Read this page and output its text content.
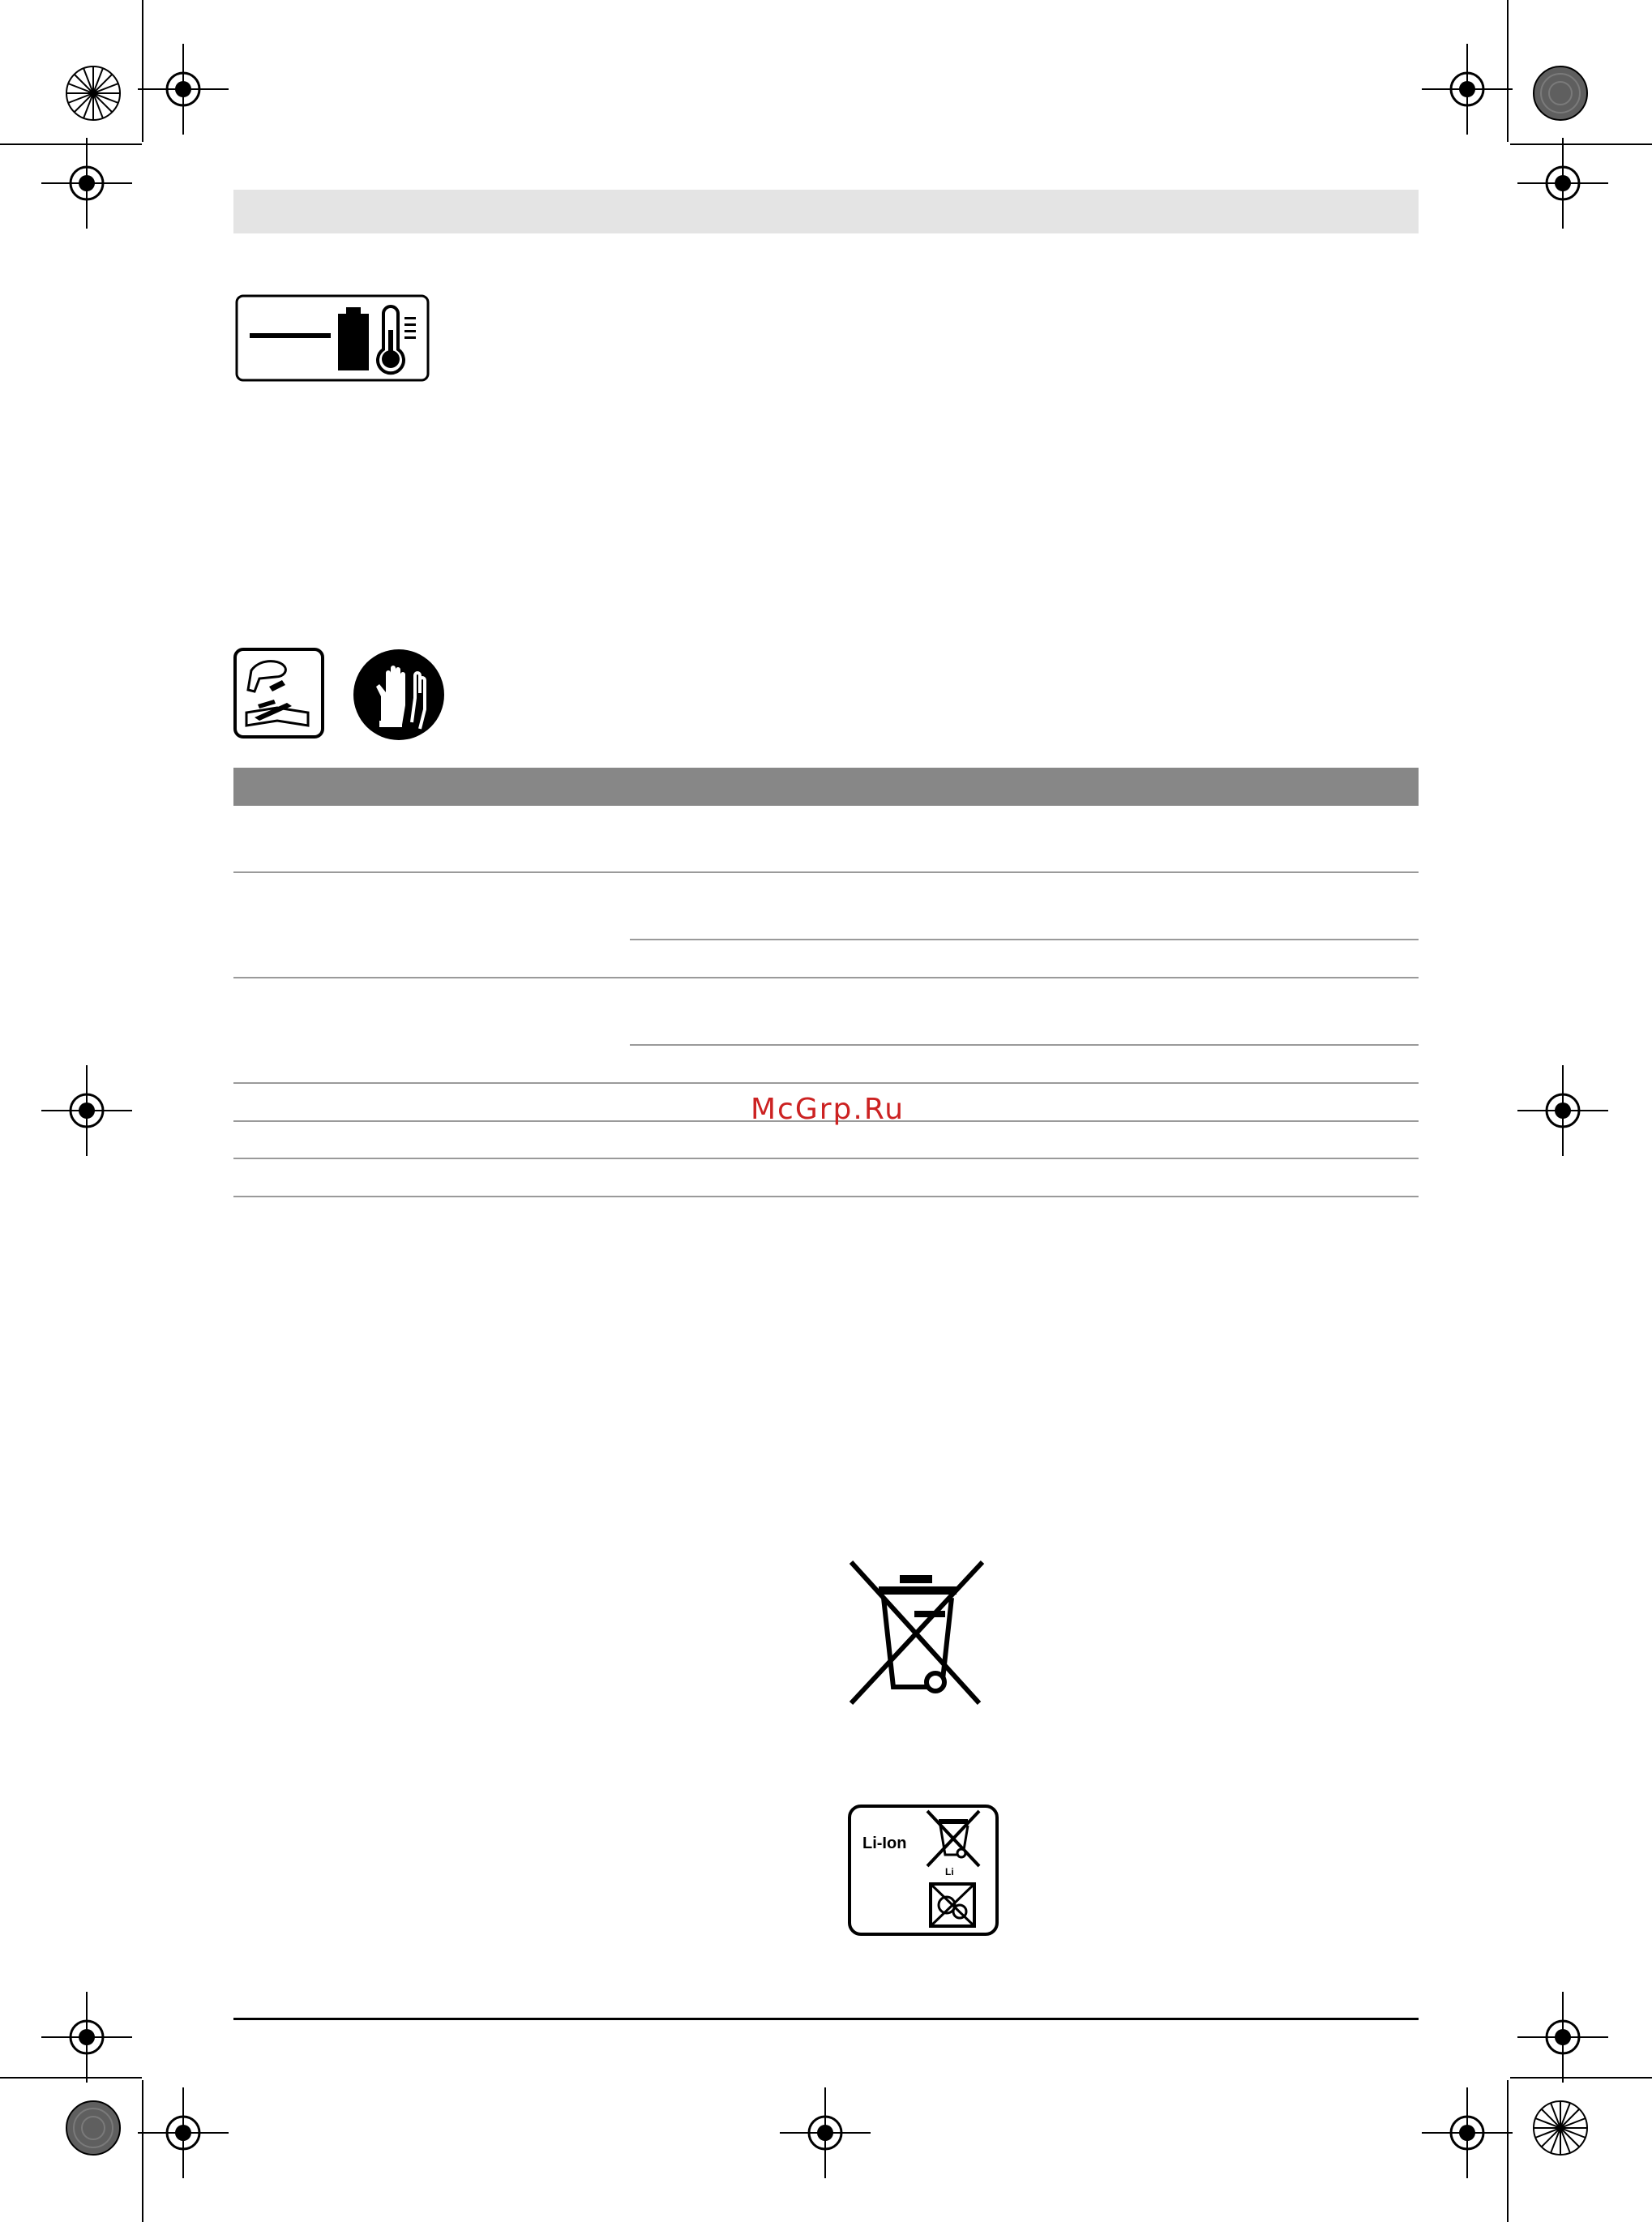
McGrp.Ru
Li-Ion
Li
